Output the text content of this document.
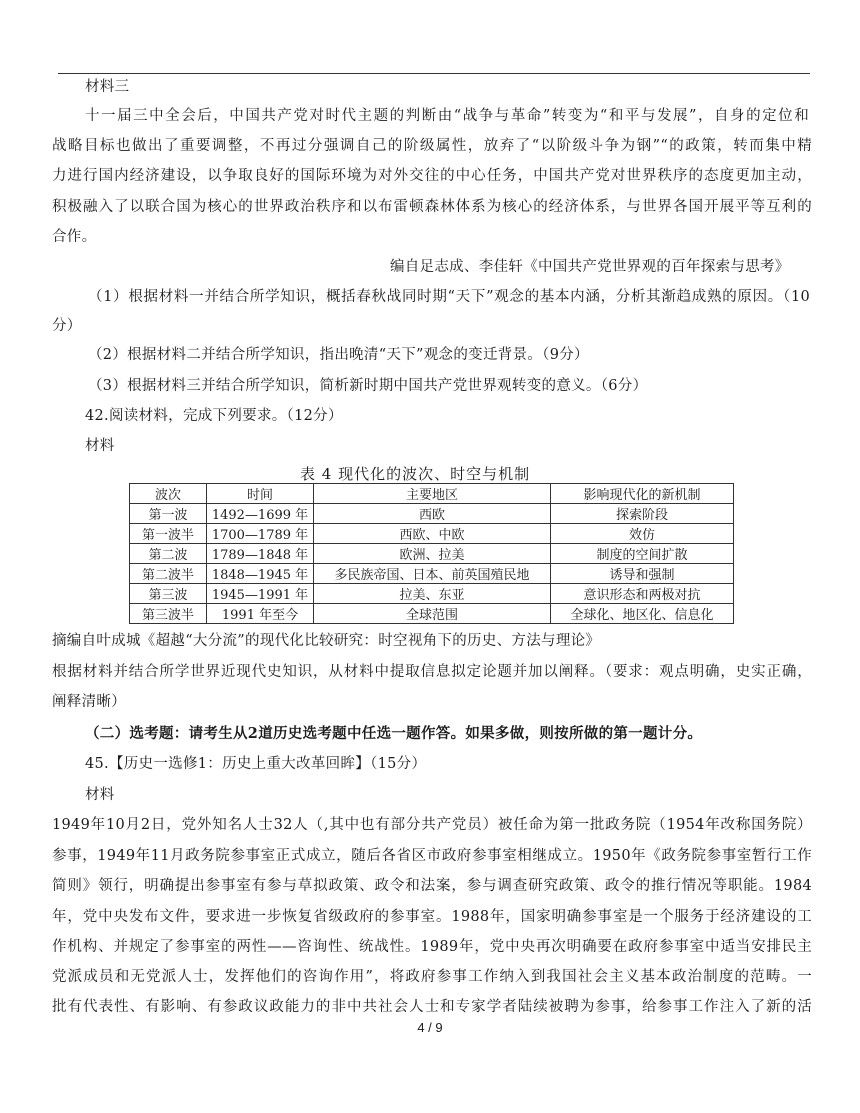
材料三
十一届三中全会后，中国共产党对时代主题的判断由“战争与革命”转变为“和平与发展”，自身的定位和
战略目标也做出了重要调整，不再过分强调自己的阶级属性，放弃了“以阶级斗争为钢”“的政策，转而集中精
力进行国内经济建设，以争取良好的国际环境为对外交往的中心任务，中国共产党对世界秩序的态度更加主动，
积极融入了以联合国为核心的世界政治秩序和以布雷顿森林体系为核心的经济体系，与世界各国开展平等互利的
合作。
编自足志成、李佳轩《中国共产党世界观的百年探索与思考》
（1）根据材料一并结合所学知识，概括春秋战同时期“天下”观念的基本内涵，分析其渐趋成熟的原因。（10
分）
（2）根据材料二并结合所学知识，指出晚清“天下”观念的变迁背景。（9分）
（3）根据材料三并结合所学知识，简析新时期中国共产党世界观转变的意义。（6分）
42.阅读材料，完成下列要求。（12分）
材料
表 4 现代化的波次、时空与机制
波次	时间	主要地区	影响现代化的新机制
第一波	1492—1699 年	西欧	探索阶段
第一波半	1700—1789 年	西欧、中欧	效仿
第二波	1789—1848 年	欧洲、拉美	制度的空间扩散
第二波半	1848—1945 年	多民族帝国、日本、前英国殖民地	诱导和强制
第三波	1945—1991 年	拉美、东亚	意识形态和两极对抗
第三波半	1991 年至今	全球范围	全球化、地区化、信息化
摘编自叶成城《超越“大分流”的现代化比较研究：时空视角下的历史、方法与理论》
根据材料并结合所学世界近现代史知识，从材料中提取信息拟定论题并加以阐释。（要求：观点明确，史实正确，
阐释清晰）
（二）选考题：请考生从2道历史选考题中任选一题作答。如果多做，则按所做的第一题计分。
45.【历史一选修1：历史上重大改革回眸】（15分）
材料
1949年10月2日，党外知名人士32人（,其中也有部分共产党员）被任命为第一批政务院（1954年改称国务院）
参事，1949年11月政务院参事室正式成立，随后各省区市政府参事室相继成立。1950年《政务院参事室暂行工作
简则》领行，明确提出参事室有参与草拟政策、政令和法案，参与调查研究政策、政令的推行情况等职能。1984
年，党中央发布文件，要求进一步恢复省级政府的参事室。1988年，国家明确参事室是一个服务于经济建设的工
作机构、并规定了参事室的两性——咨询性、统战性。1989年，党中央再次明确要在政府参事室中适当安排民主
党派成员和无党派人士，发挥他们的咨询作用”，将政府参事工作纳入到我国社会主义基本政治制度的范畴。一
批有代表性、有影响、有参政议政能力的非中共社会人士和专家学者陆续被聘为参事，给参事工作注入了新的活
4 / 9
